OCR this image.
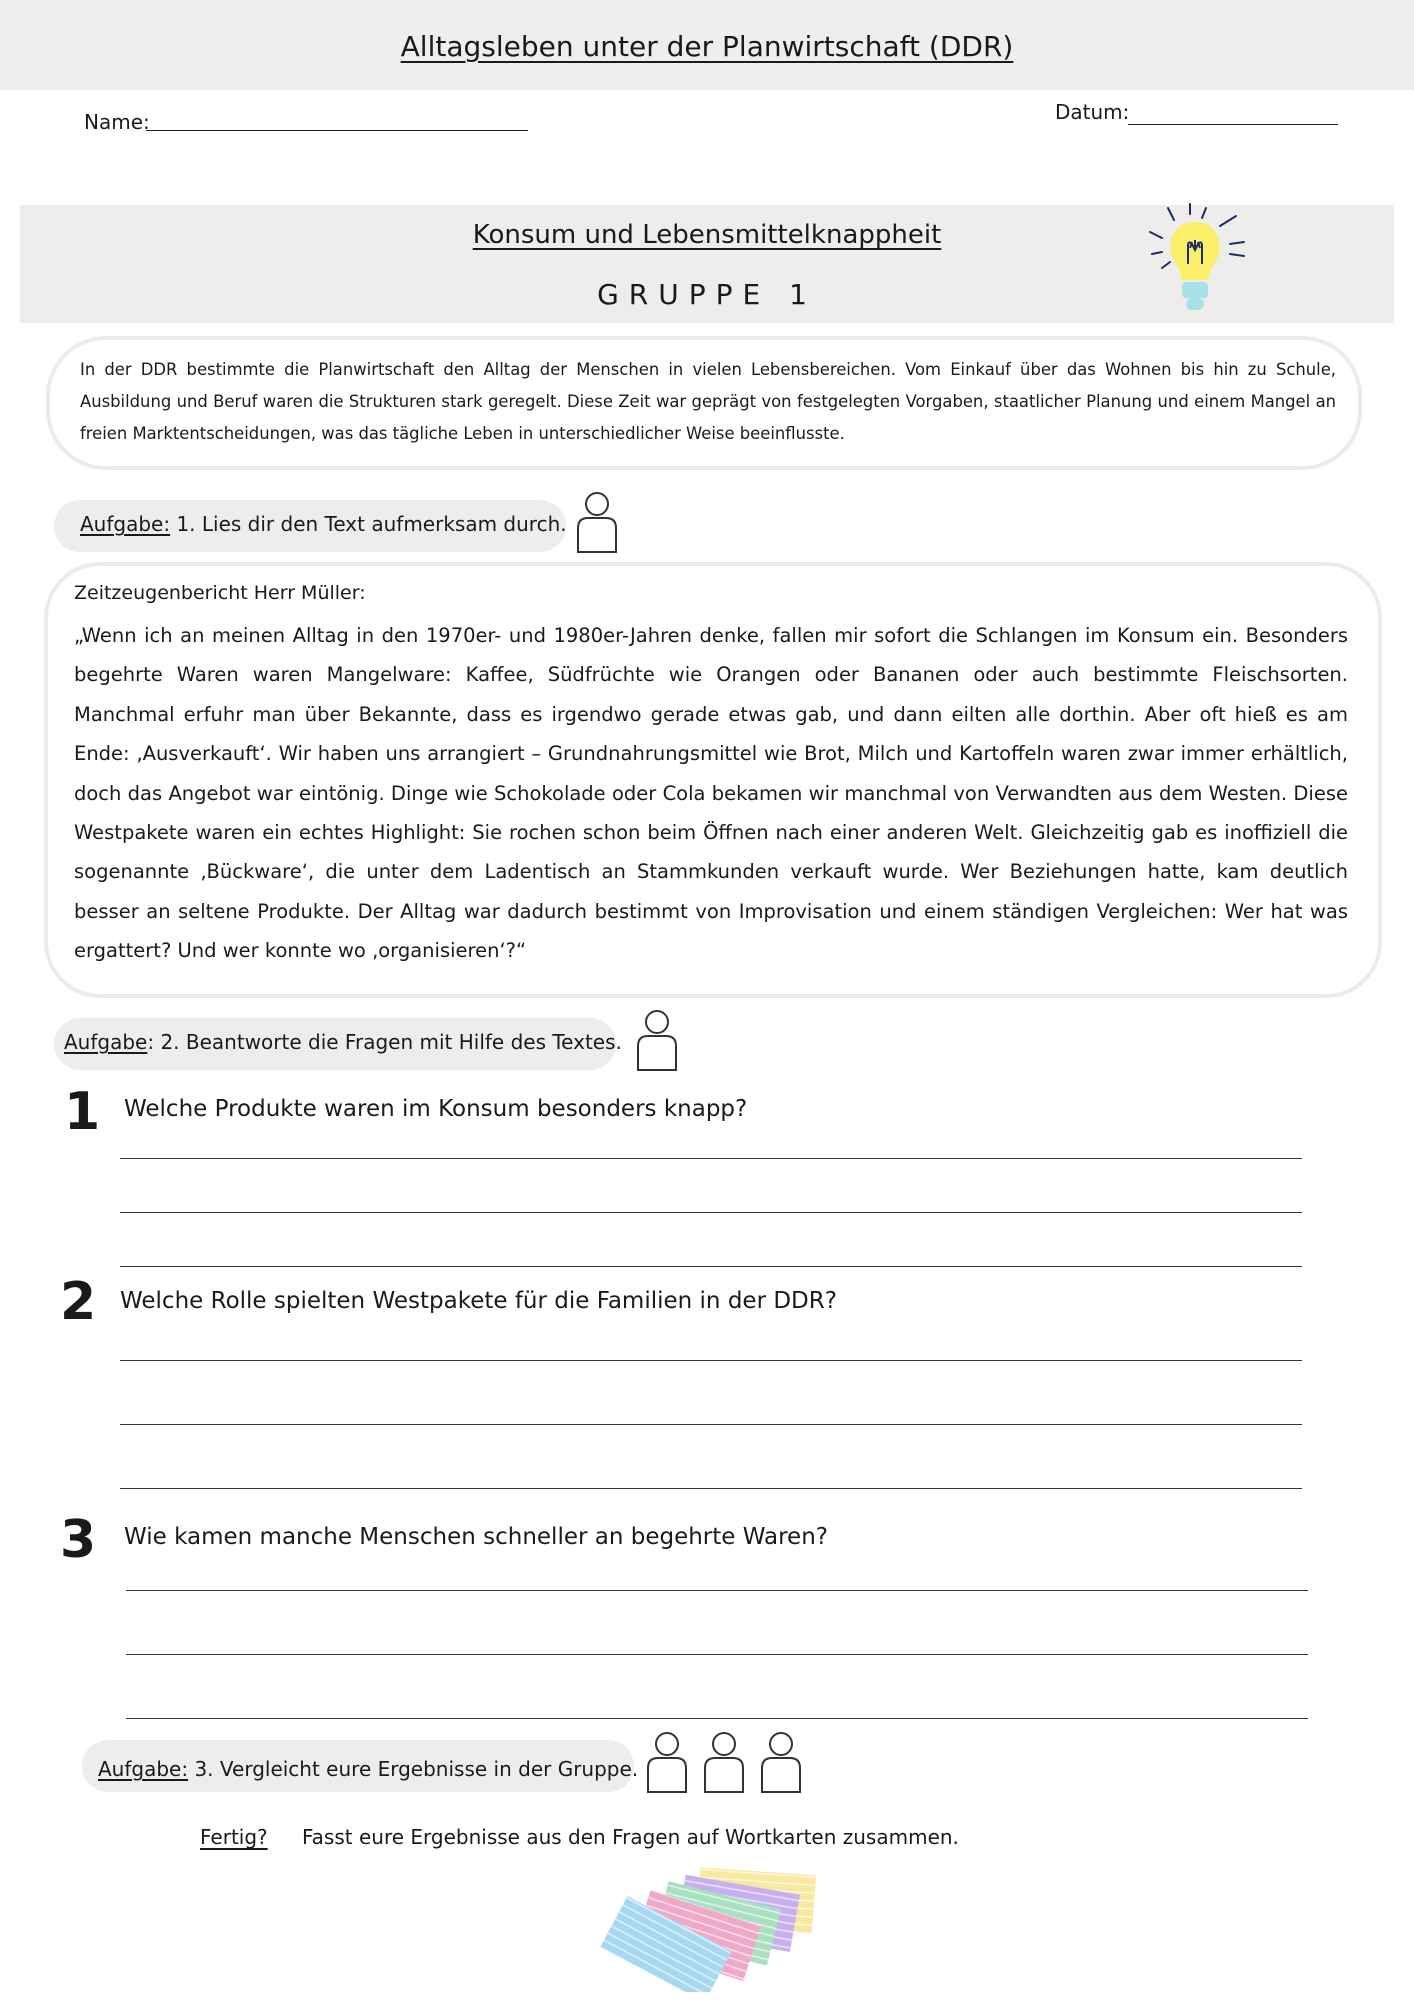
Alltagsleben unter der Planwirtschaft (DDR)
Name:	Datum:
Konsum und Lebensmittelknappheit
GRUPPE 1
In der DDR bestimmte die Planwirtschaft den Alltag der Menschen in vielen Lebensbereichen. Vom Einkauf über das Wohnen bis hin zu Schule, Ausbildung und Beruf waren die Strukturen stark geregelt. Diese Zeit war geprägt von festgelegten Vorgaben, staatlicher Planung und einem Mangel an freien Marktentscheidungen, was das tägliche Leben in unterschiedlicher Weise beeinflusste.
Aufgabe: 1. Lies dir den Text aufmerksam durch.
Zeitzeugenbericht Herr Müller:
„Wenn ich an meinen Alltag in den 1970er- und 1980er-Jahren denke, fallen mir sofort die Schlangen im Konsum ein. Besonders begehrte Waren waren Mangelware: Kaffee, Südfrüchte wie Orangen oder Bananen oder auch bestimmte Fleischsorten. Manchmal erfuhr man über Bekannte, dass es irgendwo gerade etwas gab, und dann eilten alle dorthin. Aber oft hieß es am Ende: ‚Ausverkauft‘. Wir haben uns arrangiert – Grundnahrungsmittel wie Brot, Milch und Kartoffeln waren zwar immer erhältlich, doch das Angebot war eintönig. Dinge wie Schokolade oder Cola bekamen wir manchmal von Verwandten aus dem Westen. Diese Westpakete waren ein echtes Highlight: Sie rochen schon beim Öffnen nach einer anderen Welt. Gleichzeitig gab es inoffiziell die sogenannte ‚Bückware‘, die unter dem Ladentisch an Stammkunden verkauft wurde. Wer Beziehungen hatte, kam deutlich besser an seltene Produkte. Der Alltag war dadurch bestimmt von Improvisation und einem ständigen Vergleichen: Wer hat was ergattert? Und wer konnte wo ‚organisieren‘?“
Aufgabe: 2. Beantworte die Fragen mit Hilfe des Textes.
1 Welche Produkte waren im Konsum besonders knapp?
2 Welche Rolle spielten Westpakete für die Familien in der DDR?
3 Wie kamen manche Menschen schneller an begehrte Waren?
Aufgabe: 3. Vergleicht eure Ergebnisse in der Gruppe.
Fertig? Fasst eure Ergebnisse aus den Fragen auf Wortkarten zusammen.
